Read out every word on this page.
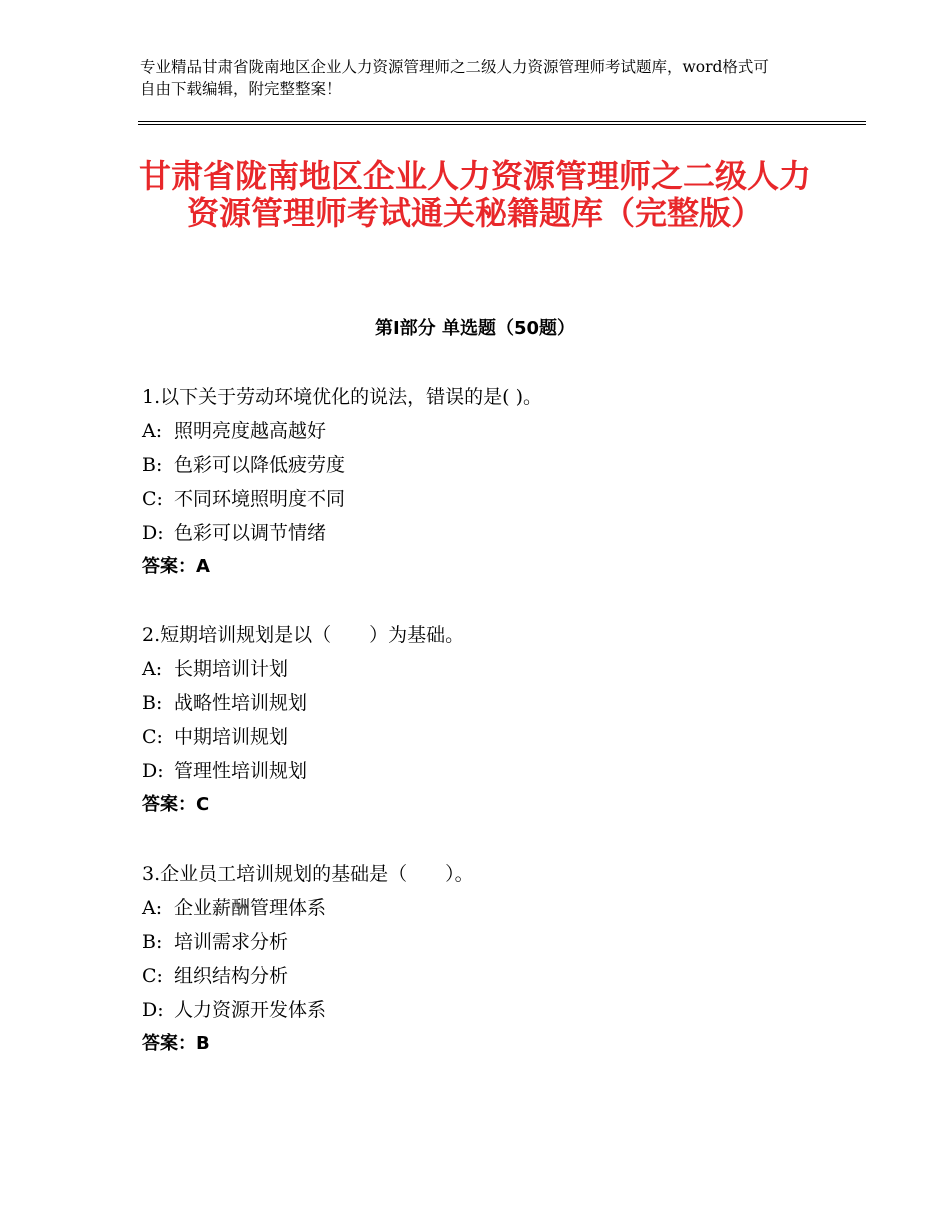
专业精品甘肃省陇南地区企业人力资源管理师之二级人力资源管理师考试题库，word格式可自由下载编辑，附完整整案！
甘肃省陇南地区企业人力资源管理师之二级人力资源管理师考试通关秘籍题库（完整版）
第Ⅰ部分 单选题（50题）
1.以下关于劳动环境优化的说法，错误的是( )。
A: 照明亮度越高越好
B: 色彩可以降低疲劳度
C: 不同环境照明度不同
D: 色彩可以调节情绪
答案：A
2.短期培训规划是以（　　）为基础。
A: 长期培训计划
B: 战略性培训规划
C: 中期培训规划
D: 管理性培训规划
答案：C
3.企业员工培训规划的基础是（　　）。
A: 企业薪酬管理体系
B: 培训需求分析
C: 组织结构分析
D: 人力资源开发体系
答案：B
